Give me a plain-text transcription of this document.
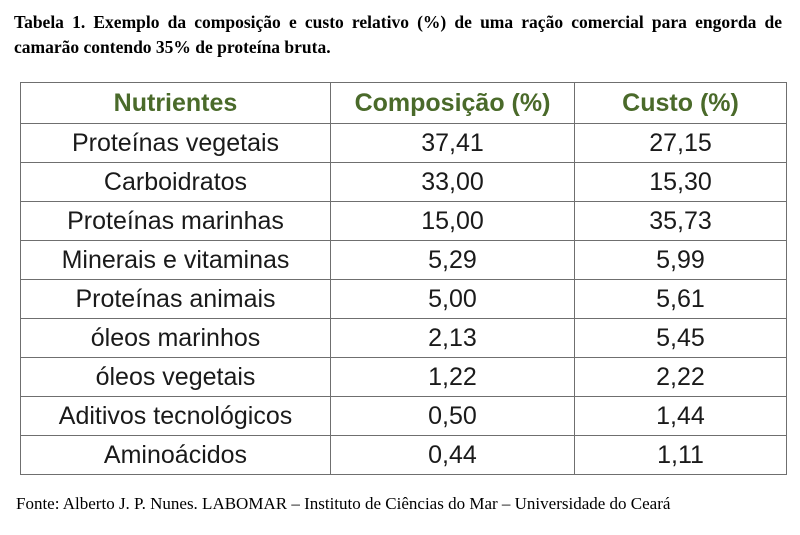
Tabela 1. Exemplo da composição e custo relativo (%) de uma ração comercial para engorda de camarão contendo 35% de proteína bruta.

Nutrientes	Composição (%)	Custo (%)
Proteínas vegetais	37,41	27,15
Carboidratos	33,00	15,30
Proteínas marinhas	15,00	35,73
Minerais e vitaminas	5,29	5,99
Proteínas animais	5,00	5,61
óleos marinhos	2,13	5,45
óleos vegetais	1,22	2,22
Aditivos tecnológicos	0,50	1,44
Aminoácidos	0,44	1,11
Fonte: Alberto J. P. Nunes. LABOMAR – Instituto de Ciências do Mar – Universidade do Ceará
